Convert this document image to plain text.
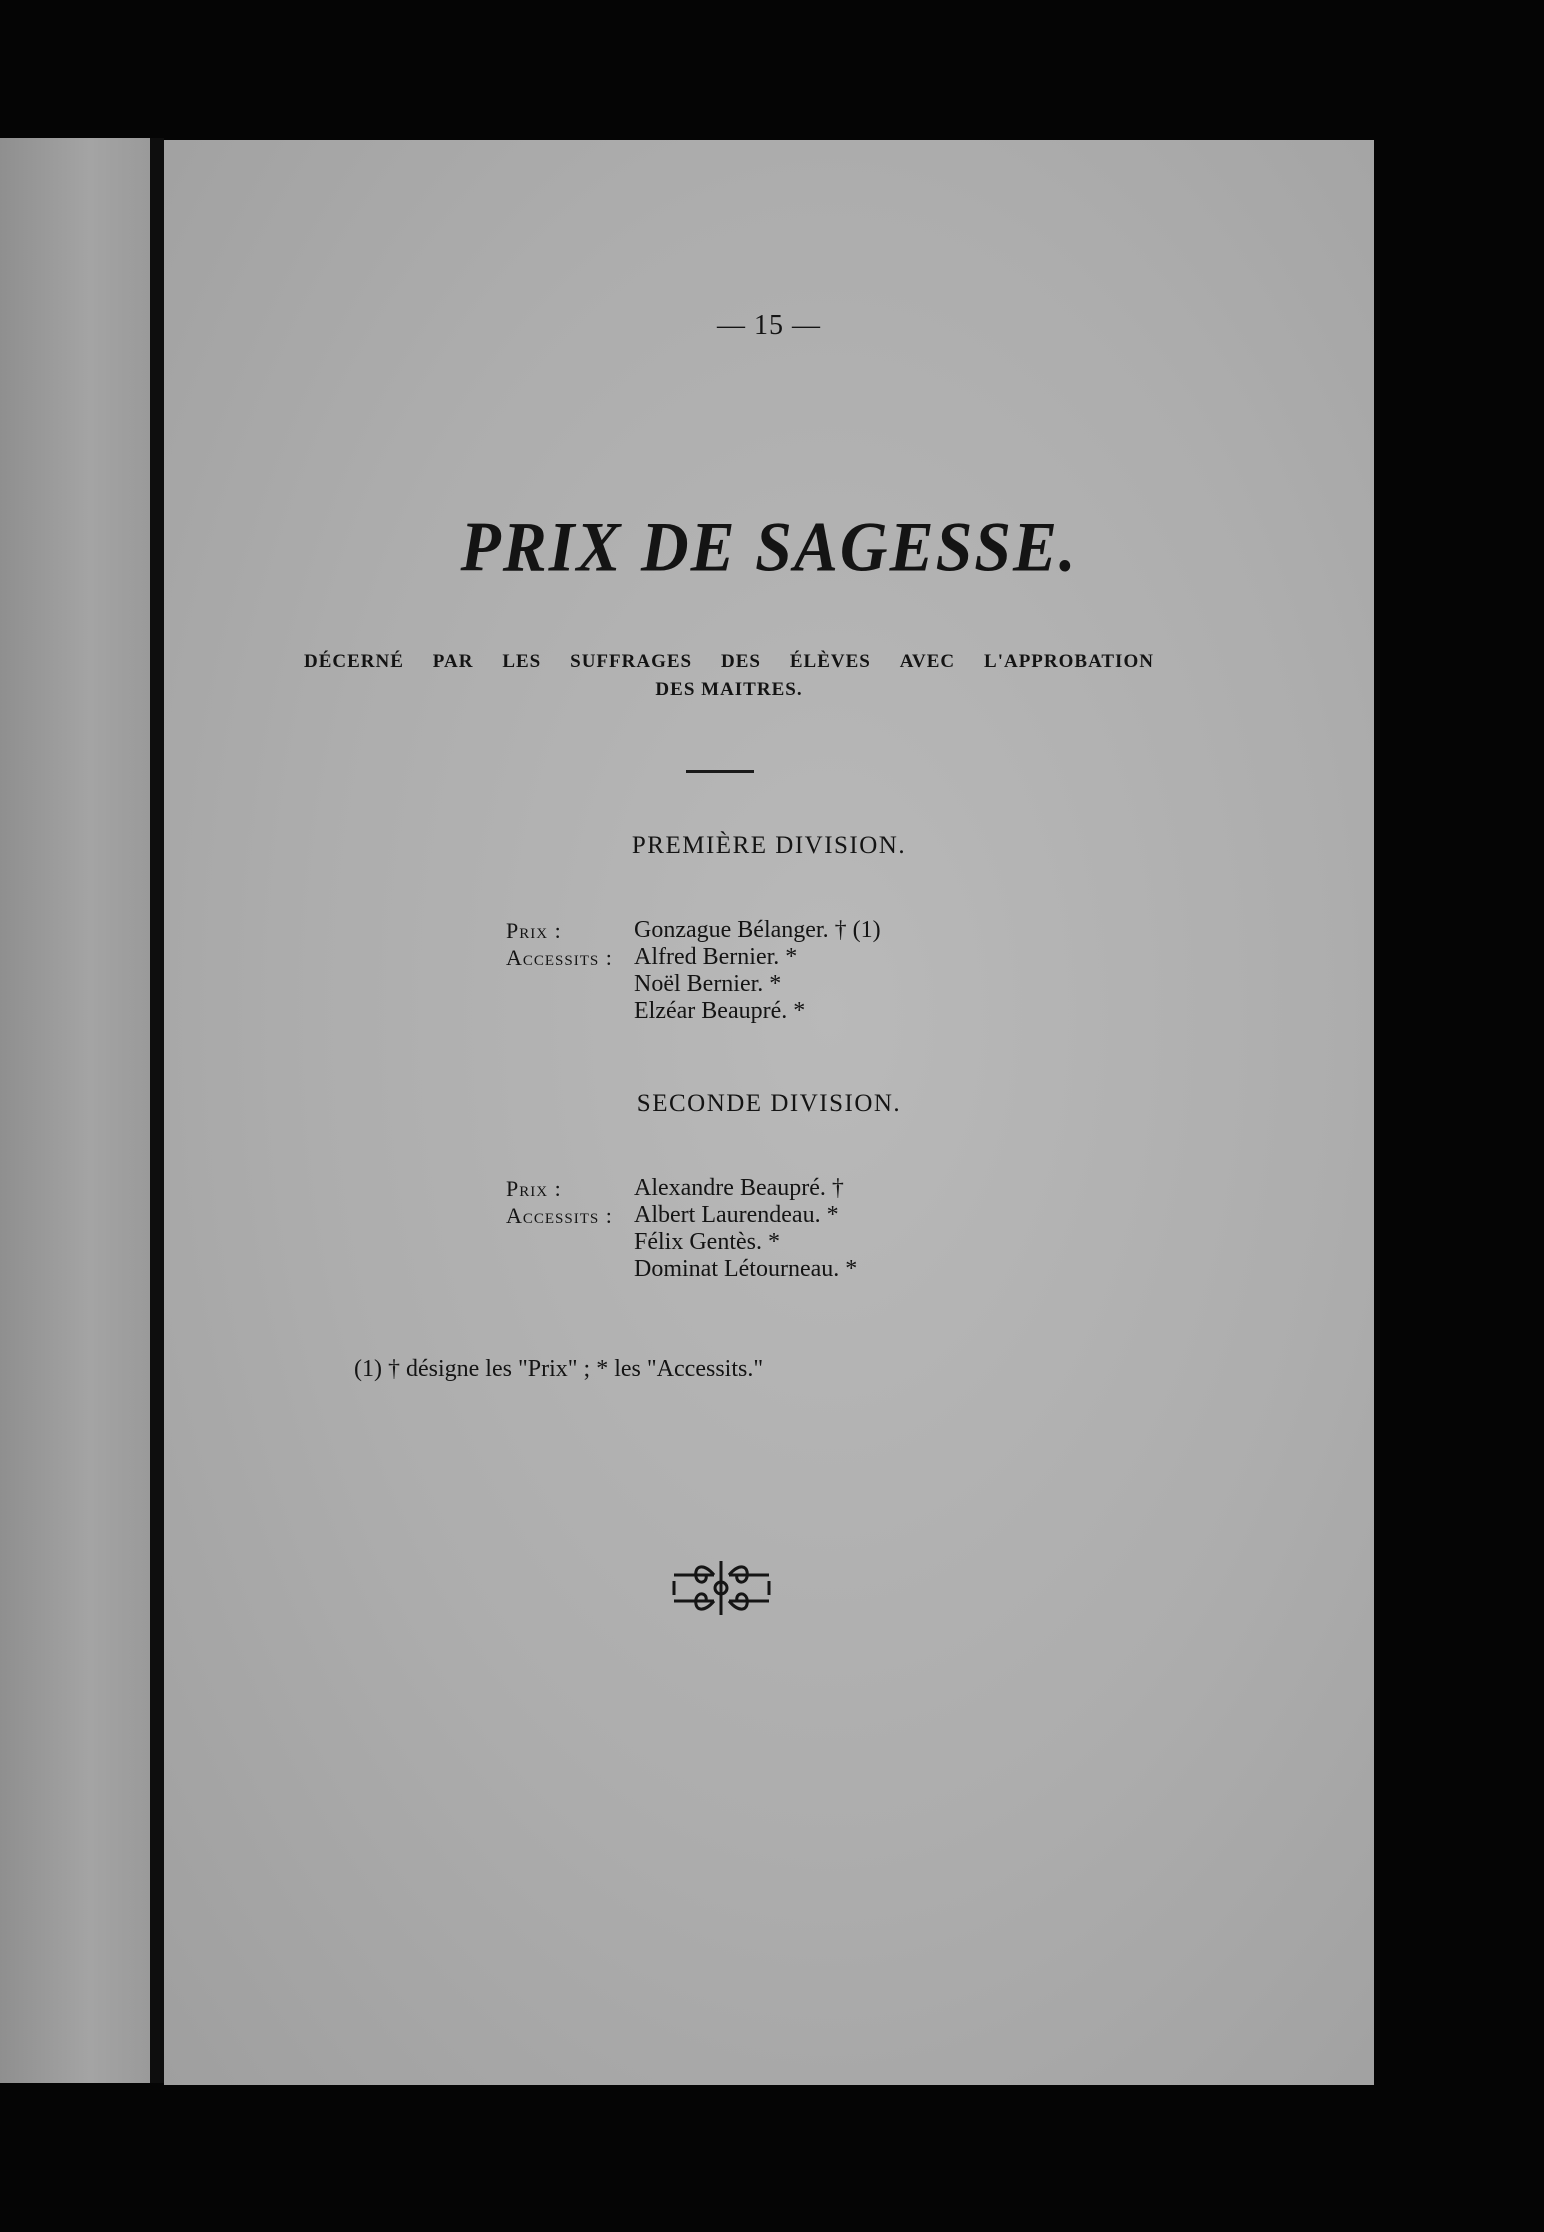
— 15 —
PRIX DE SAGESSE.
DÉCERNÉ PAR LES SUFFRAGES DES ÉLÈVES AVEC L'APPROBATION
DES MAITRES.
PREMIÈRE DIVISION.
Prix :	Gonzague Bélanger. † (1)
Accessits : Alfred Bernier. *
Noël Bernier. *
Elzéar Beaupré. *
SECONDE DIVISION.
Prix :	Alexandre Beaupré. †
Accessits : Albert Laurendeau. *
Félix Gentès. *
Dominat Létourneau. *
(1) † désigne les "Prix" ; * les "Accessits."
